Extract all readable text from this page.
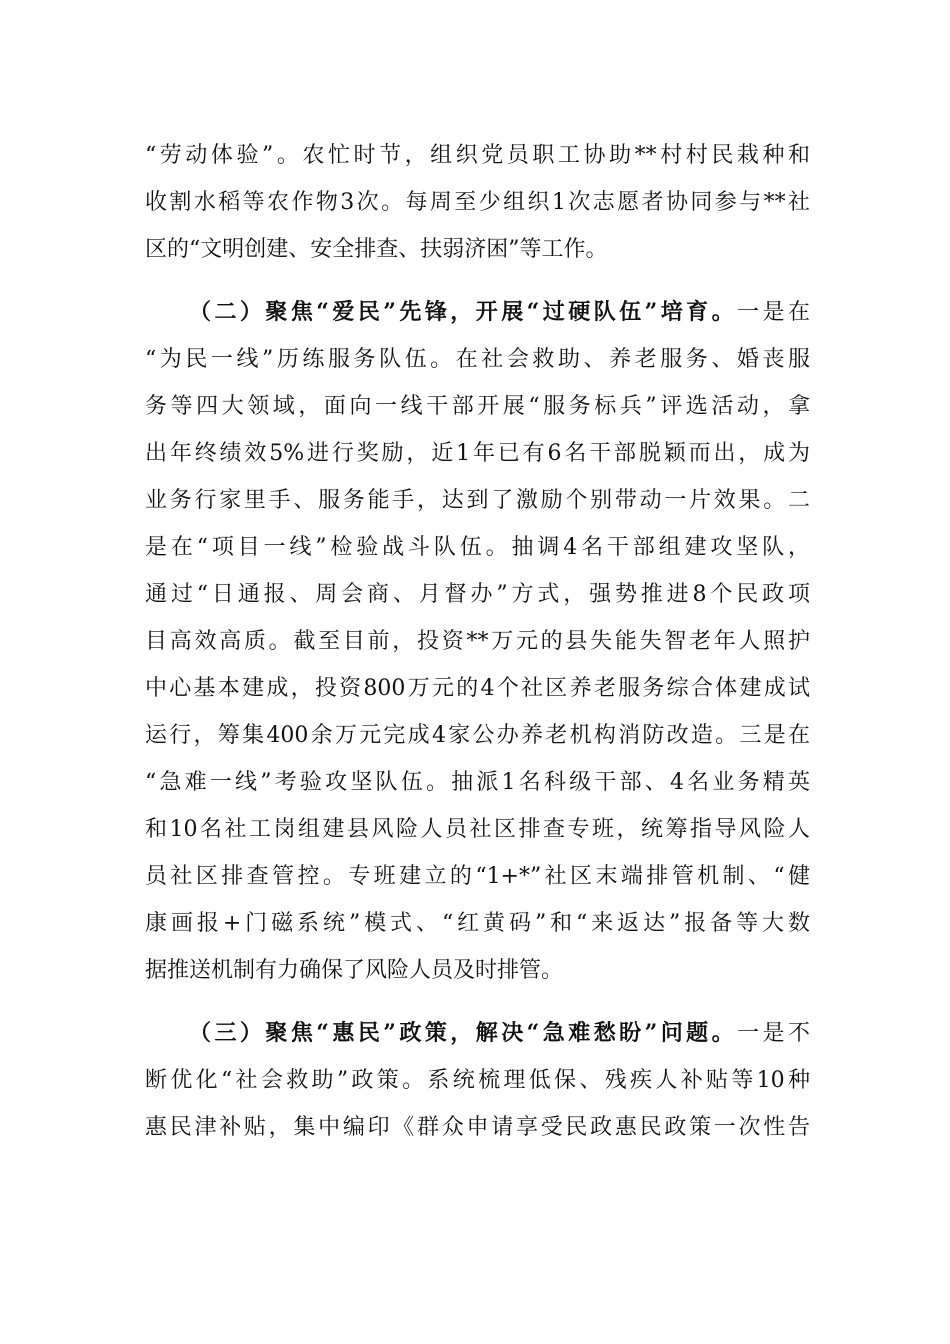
“劳动体验”。农忙时节，组织党员职工协助**村村民栽种和
收割水稻等农作物3次。每周至少组织1次志愿者协同参与**社
区的“文明创建、安全排查、扶弱济困”等工作。
（二）聚焦“爱民”先锋，开展“过硬队伍”培育。一是在
“为民一线”历练服务队伍。在社会救助、养老服务、婚丧服
务等四大领域，面向一线干部开展“服务标兵”评选活动，拿
出年终绩效5%进行奖励，近1年已有6名干部脱颖而出，成为
业务行家里手、服务能手，达到了激励个别带动一片效果。二
是在“项目一线”检验战斗队伍。抽调4名干部组建攻坚队，
通过“日通报、周会商、月督办”方式，强势推进8个民政项
目高效高质。截至目前，投资**万元的县失能失智老年人照护
中心基本建成，投资800万元的4个社区养老服务综合体建成试
运行，筹集400余万元完成4家公办养老机构消防改造。三是在
“急难一线”考验攻坚队伍。抽派1名科级干部、4名业务精英
和10名社工岗组建县风险人员社区排查专班，统筹指导风险人
员社区排查管控。专班建立的“1+*”社区末端排管机制、“健
康画报+门磁系统”模式、“红黄码”和“来返达”报备等大数
据推送机制有力确保了风险人员及时排管。
（三）聚焦“惠民”政策，解决“急难愁盼”问题。一是不
断优化“社会救助”政策。系统梳理低保、残疾人补贴等10种
惠民津补贴，集中编印《群众申请享受民政惠民政策一次性告
